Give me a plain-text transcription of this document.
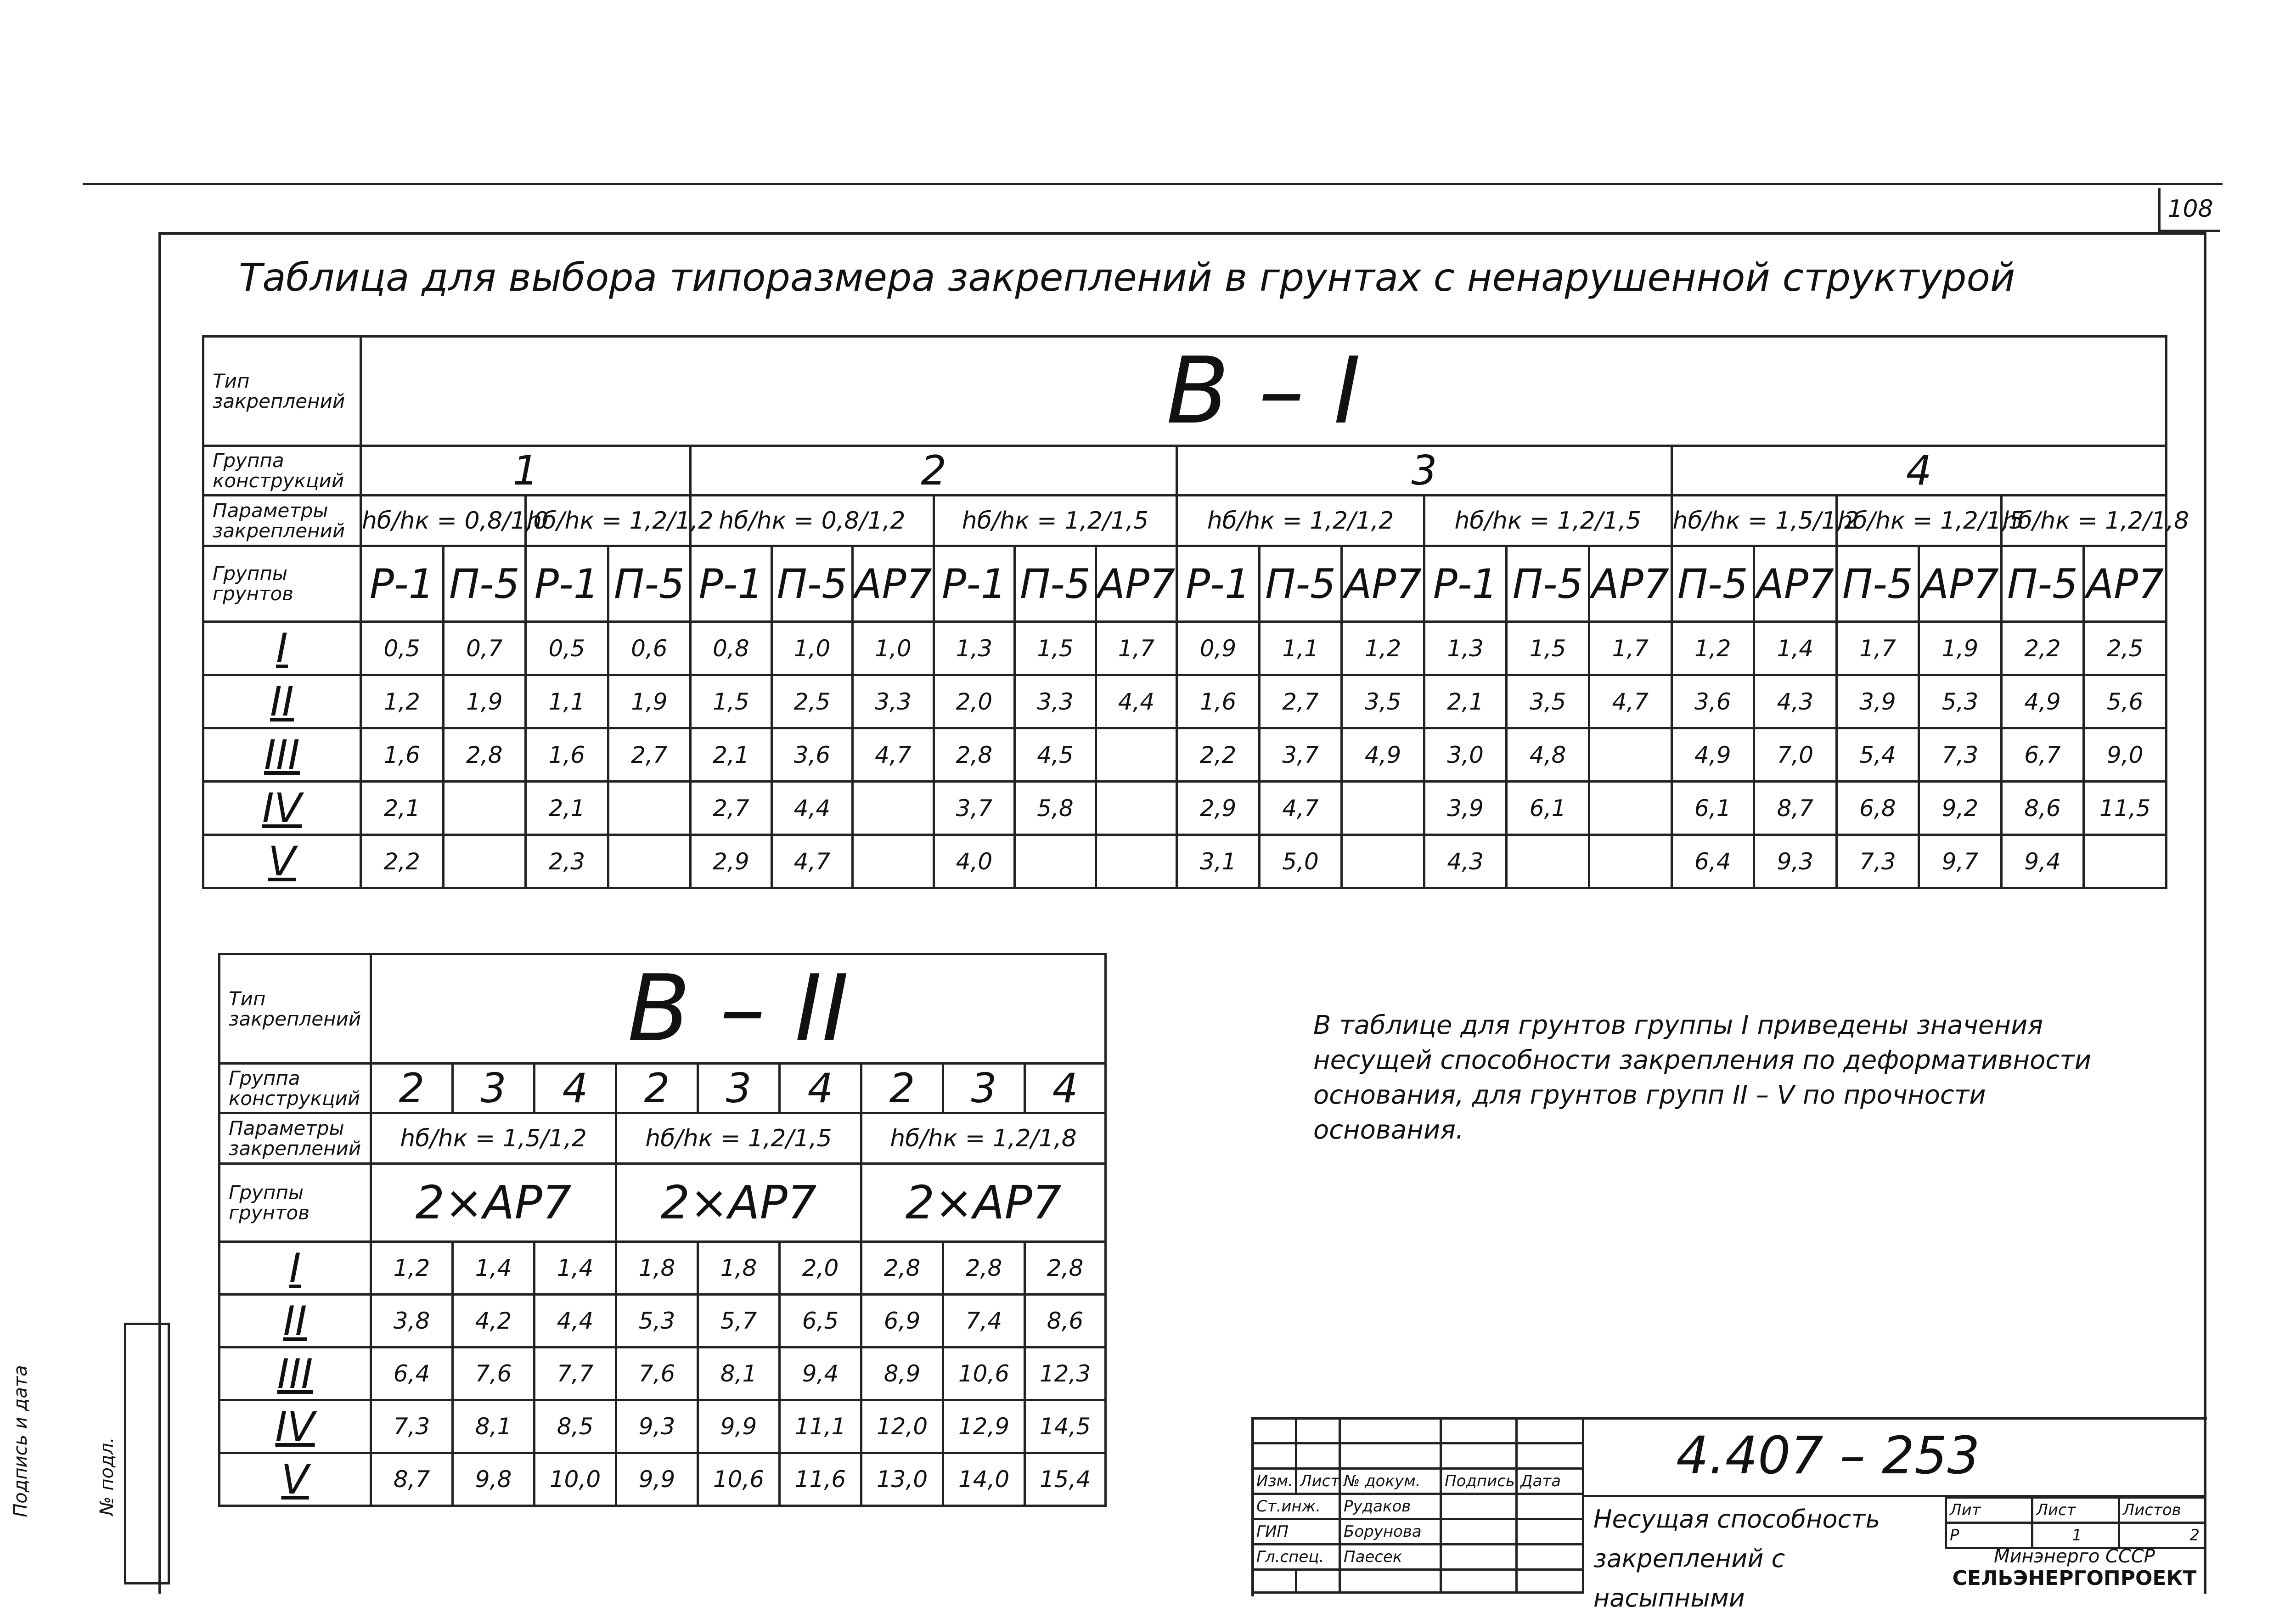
108
Таблица для выбора типоразмера закреплений в грунтах с ненарушенной структурой
Тип закреплений	B – I																					
Группа конструкций	1				2						3						4					
Параметры закреплений	hб/hк = 0,8/1,0		hб/hк = 1,2/1,2		hб/hк = 0,8/1,2			hб/hк = 1,2/1,5			hб/hк = 1,2/1,2			hб/hк = 1,2/1,5			hб/hк = 1,5/1,2		hб/hк = 1,2/1,5		hб/hк = 1,2/1,8	
Группы грунтов	Р-1	П-5	Р-1	П-5	Р-1	П-5	АР7	Р-1	П-5	АР7	Р-1	П-5	АР7	Р-1	П-5	АР7	П-5	АР7	П-5	АР7	П-5	АР7
I	0,5	0,7	0,5	0,6	0,8	1,0	1,0	1,3	1,5	1,7	0,9	1,1	1,2	1,3	1,5	1,7	1,2	1,4	1,7	1,9	2,2	2,5
II	1,2	1,9	1,1	1,9	1,5	2,5	3,3	2,0	3,3	4,4	1,6	2,7	3,5	2,1	3,5	4,7	3,6	4,3	3,9	5,3	4,9	5,6
III	1,6	2,8	1,6	2,7	2,1	3,6	4,7	2,8	4,5		2,2	3,7	4,9	3,0	4,8		4,9	7,0	5,4	7,3	6,7	9,0
IV	2,1		2,1		2,7	4,4		3,7	5,8		2,9	4,7		3,9	6,1		6,1	8,7	6,8	9,2	8,6	11,5
V	2,2		2,3		2,9	4,7		4,0			3,1	5,0		4,3			6,4	9,3	7,3	9,7	9,4	
Тип закреплений	B – II								
Группа конструкций	2	3	4	2	3	4	2	3	4
Параметры закреплений	hб/hк = 1,5/1,2			hб/hк = 1,2/1,5			hб/hк = 1,2/1,8		
Группы грунтов	2×АР7			2×АР7			2×АР7		
I	1,2	1,4	1,4	1,8	1,8	2,0	2,8	2,8	2,8
II	3,8	4,2	4,4	5,3	5,7	6,5	6,9	7,4	8,6
III	6,4	7,6	7,7	7,6	8,1	9,4	8,9	10,6	12,3
IV	7,3	8,1	8,5	9,3	9,9	11,1	12,0	12,9	14,5
V	8,7	9,8	10,0	9,9	10,6	11,6	13,0	14,0	15,4
В таблице для грунтов группы I приведены значения несущей способности закрепления по деформативности основания, для грунтов групп II – V по прочности основания.
Подпись и дата	№ подл.

					Изм.	Лист	№ докум.	Подпись	Дата
Ст.инж.		Рудаков		
ГИП		Борунова		
Гл.спец.		Паесек		

4.407 – 253
Несущая способность закреплений с насыпными
Лит	Лист	Листов
Р	1	2
Минэнерго СССР
СЕЛЬЭНЕРГОПРОЕКТ
